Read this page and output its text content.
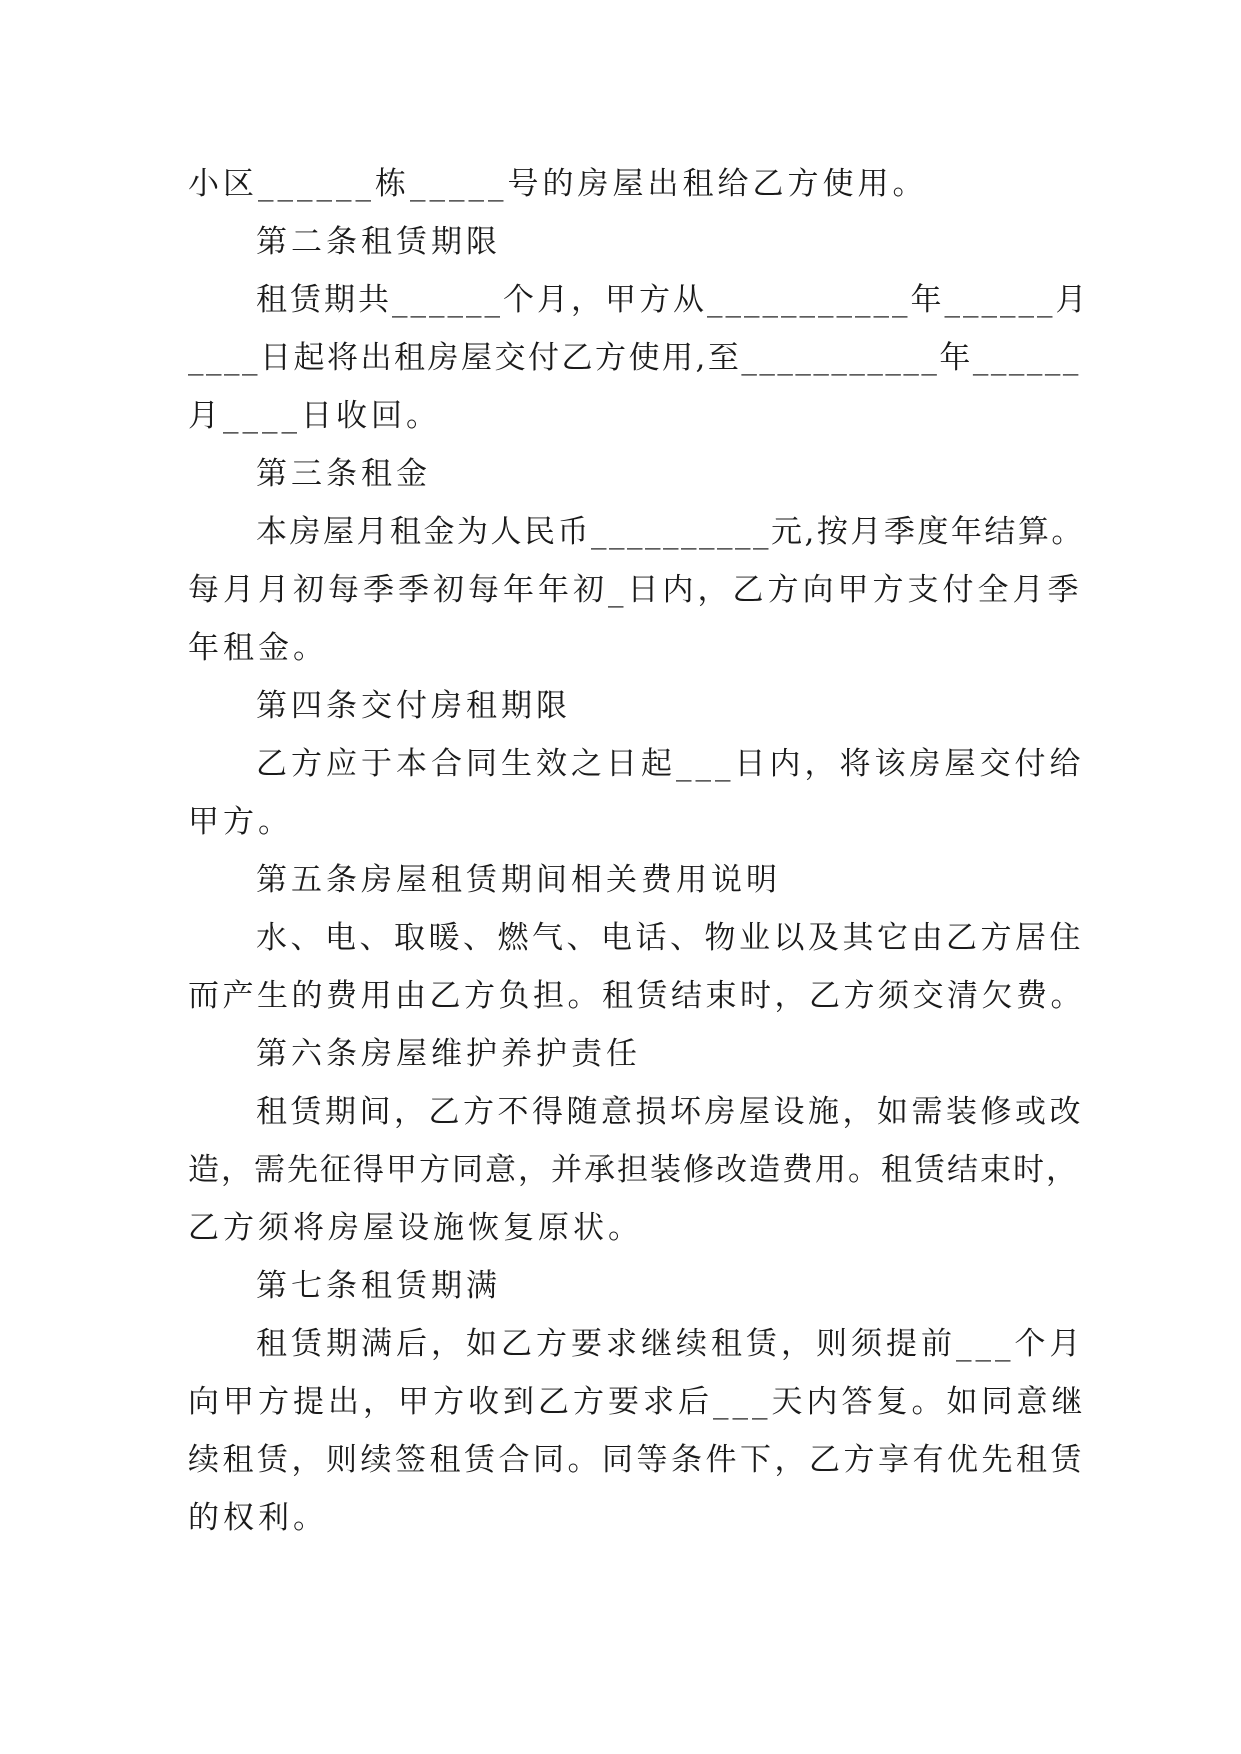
小区______栋_____号的房屋出租给乙方使用。
第二条租赁期限
租赁期共______个月，甲方从___________年______月
____日起将出租房屋交付乙方使用,至___________年______
月____日收回。
第三条租金
本房屋月租金为人民币__________元,按月季度年结算。
每月月初每季季初每年年初_日内，乙方向甲方支付全月季
年租金。
第四条交付房租期限
乙方应于本合同生效之日起___日内，将该房屋交付给
甲方。
第五条房屋租赁期间相关费用说明
水、电、取暖、燃气、电话、物业以及其它由乙方居住
而产生的费用由乙方负担。租赁结束时，乙方须交清欠费。
第六条房屋维护养护责任
租赁期间，乙方不得随意损坏房屋设施，如需装修或改
造，需先征得甲方同意，并承担装修改造费用。租赁结束时，
乙方须将房屋设施恢复原状。
第七条租赁期满
租赁期满后，如乙方要求继续租赁，则须提前___个月
向甲方提出，甲方收到乙方要求后___天内答复。如同意继
续租赁，则续签租赁合同。同等条件下，乙方享有优先租赁
的权利。
